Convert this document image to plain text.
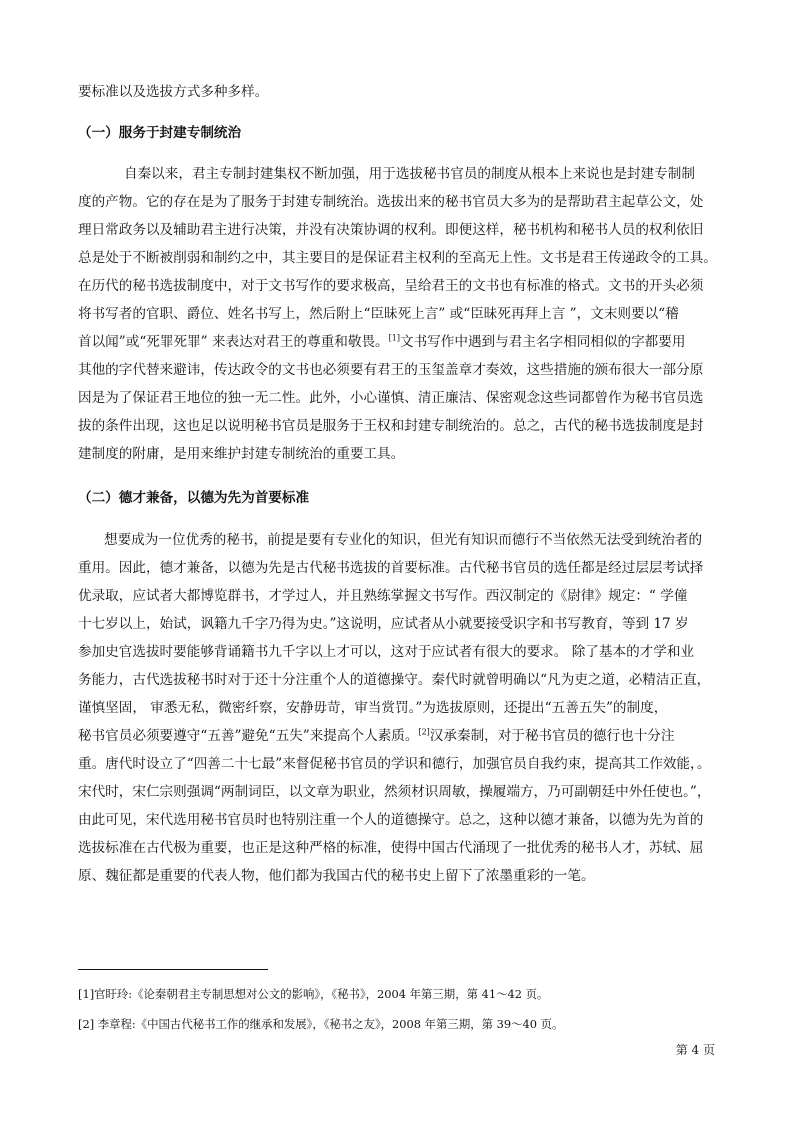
要标准以及选拔方式多种多样。
（一）服务于封建专制统治
自秦以来，君主专制封建集权不断加强，用于选拔秘书官员的制度从根本上来说也是封建专制制
度的产物。它的存在是为了服务于封建专制统治。选拔出来的秘书官员大多为的是帮助君主起草公文，处
理日常政务以及辅助君主进行决策，并没有决策协调的权利。即便这样，秘书机构和秘书人员的权利依旧
总是处于不断被削弱和制约之中，其主要目的是保证君主权利的至高无上性。文书是君王传递政令的工具。
在历代的秘书选拔制度中，对于文书写作的要求极高，呈给君王的文书也有标准的格式。文书的开头必须
将书写者的官职、爵位、姓名书写上，然后附上“臣昧死上言” 或“臣昧死再拜上言 ”，文末则要以“稽
首以闻”或“死罪死罪” 来表达对君王的尊重和敬畏。[1]文书写作中遇到与君主名字相同相似的字都要用
其他的字代替来避讳，传达政令的文书也必须要有君王的玉玺盖章才奏效，这些措施的颁布很大一部分原
因是为了保证君王地位的独一无二性。此外，小心谨慎、清正廉洁、保密观念这些词都曾作为秘书官员选
拔的条件出现，这也足以说明秘书官员是服务于王权和封建专制统治的。总之，古代的秘书选拔制度是封
建制度的附庸，是用来维护封建专制统治的重要工具。
（二）德才兼备，以德为先为首要标准
想要成为一位优秀的秘书，前提是要有专业化的知识，但光有知识而德行不当依然无法受到统治者的
重用。因此，德才兼备，以德为先是古代秘书选拔的首要标准。古代秘书官员的选任都是经过层层考试择
优录取，应试者大都博览群书，才学过人，并且熟练掌握文书写作。西汉制定的《尉律》规定：“ 学僮
十七岁以上，始试，讽籍九千字乃得为史。”这说明，应试者从小就要接受识字和书写教育，等到 17 岁
参加史官选拔时要能够背诵籍书九千字以上才可以，这对于应试者有很大的要求。 除了基本的才学和业
务能力，古代选拔秘书时对于还十分注重个人的道德操守。秦代时就曾明确以“凡为吏之道，必精洁正直，
谨慎坚固， 审悉无私，微密纤察，安静毋苛，审当赏罚。”为选拔原则，还提出“五善五失”的制度，
秘书官员必须要遵守“五善”避免“五失”来提高个人素质。[2]汉承秦制，对于秘书官员的德行也十分注
重。唐代时设立了“四善二十七最”来督促秘书官员的学识和德行，加强官员自我约束，提高其工作效能，。
宋代时，宋仁宗则强调“两制词臣，以文章为职业，然须材识周敏，操履端方，乃可副朝廷中外任使也。”，
由此可见，宋代选用秘书官员时也特别注重一个人的道德操守。总之，这种以德才兼备，以德为先为首的
选拔标准在古代极为重要，也正是这种严格的标准，使得中国古代涌现了一批优秀的秘书人才，苏轼、屈
原、魏征都是重要的代表人物，他们都为我国古代的秘书史上留下了浓墨重彩的一笔。
[1]官盱玲:《论秦朝君主专制思想对公文的影响》，《秘书》，2004 年第三期，第 41～42 页。
[2] 李章程:《中国古代秘书工作的继承和发展》，《秘书之友》，2008 年第三期，第 39～40 页。
第 4 页
